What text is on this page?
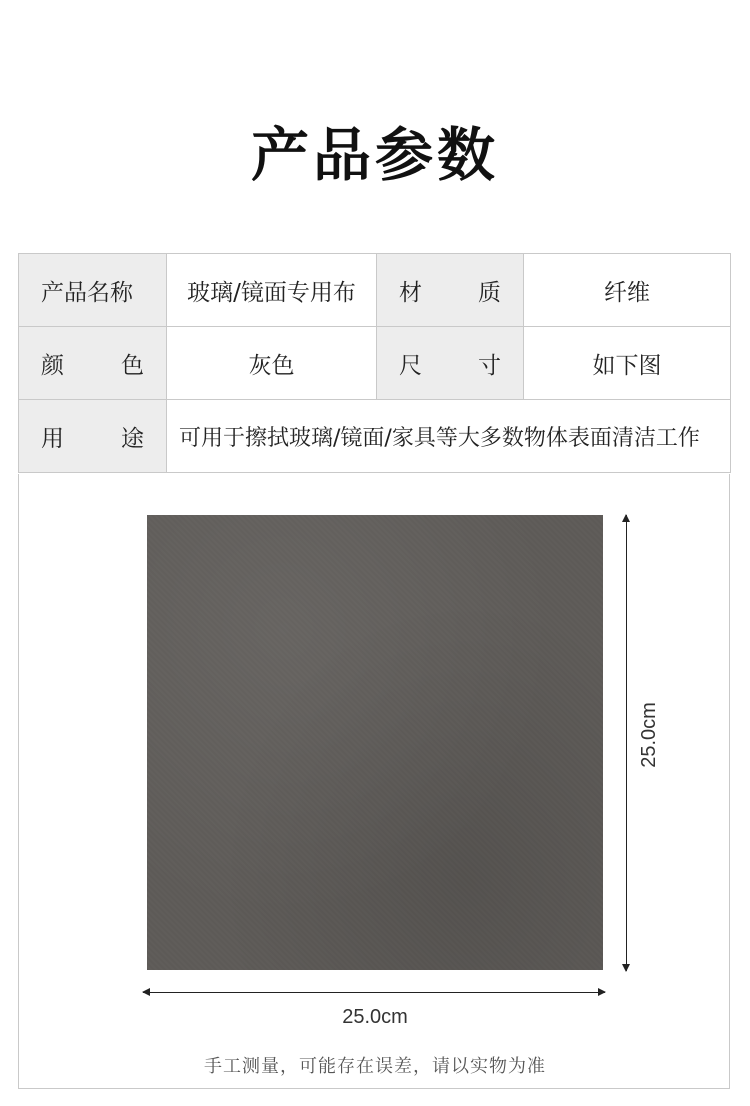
产品参数
产品名称	玻璃/镜面专用布	材 质	纤维

颜 色	灰色	尺 寸	如下图

用 途	可用于擦拭玻璃/镜面/家具等大多数物体表面清洁工作		
25.0cm
25.0cm
手工测量，可能存在误差，请以实物为准
